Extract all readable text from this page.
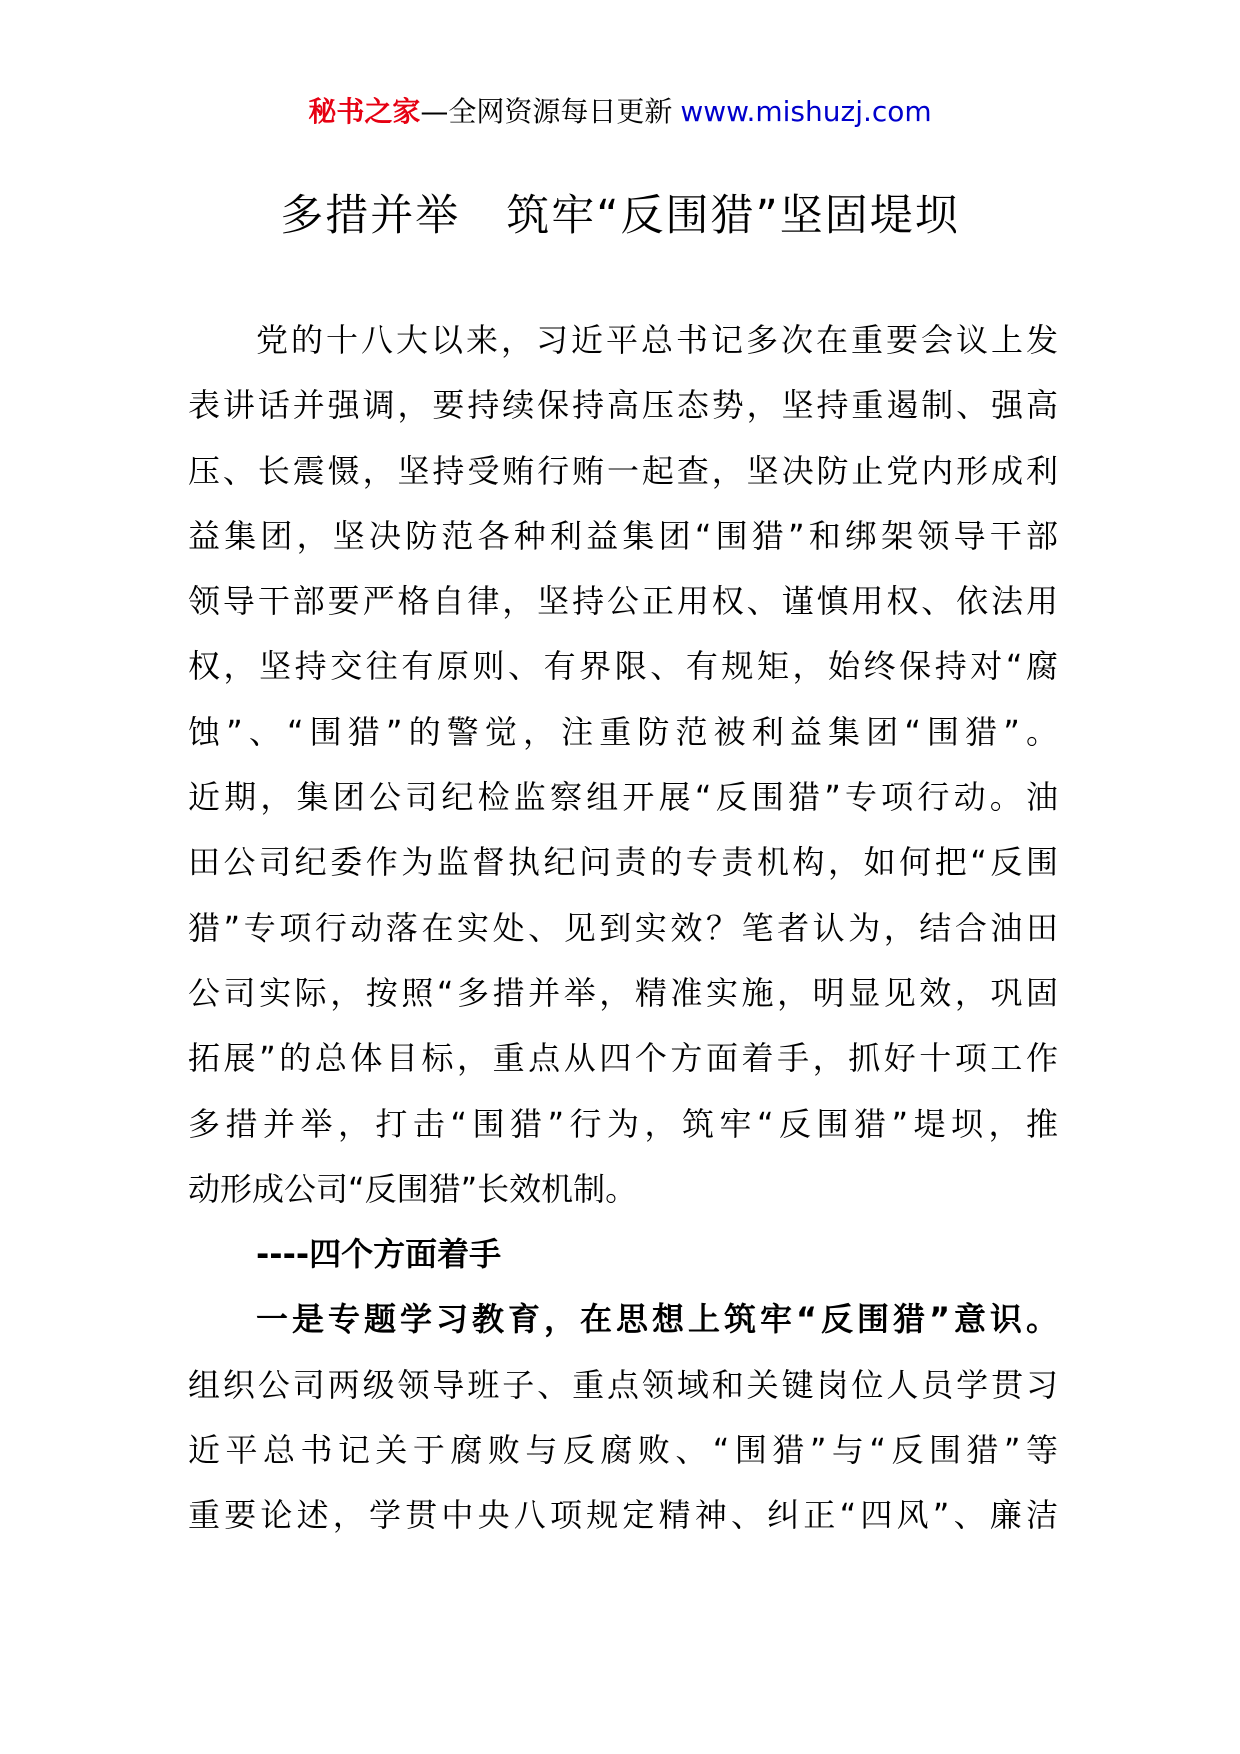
秘书之家—全网资源每日更新 www.mishuzj.com
多措并举 筑牢“反围猎”坚固堤坝
党的十八大以来，习近平总书记多次在重要会议上发
表讲话并强调，要持续保持高压态势，坚持重遏制、强高
压、长震慑，坚持受贿行贿一起查，坚决防止党内形成利
益集团，坚决防范各种利益集团“围猎”和绑架领导干部
领导干部要严格自律，坚持公正用权、谨慎用权、依法用
权，坚持交往有原则、有界限、有规矩，始终保持对“腐
蚀”、“围猎”的警觉，注重防范被利益集团“围猎”。
近期，集团公司纪检监察组开展“反围猎”专项行动。油
田公司纪委作为监督执纪问责的专责机构，如何把“反围
猎”专项行动落在实处、见到实效？笔者认为，结合油田
公司实际，按照“多措并举，精准实施，明显见效，巩固
拓展”的总体目标，重点从四个方面着手，抓好十项工作
多措并举，打击“围猎”行为，筑牢“反围猎”堤坝，推
动形成公司“反围猎”长效机制。
----四个方面着手
一是专题学习教育，在思想上筑牢“反围猎”意识。
组织公司两级领导班子、重点领域和关键岗位人员学贯习
近平总书记关于腐败与反腐败、“围猎”与“反围猎”等
重要论述，学贯中央八项规定精神、纠正“四风”、廉洁
